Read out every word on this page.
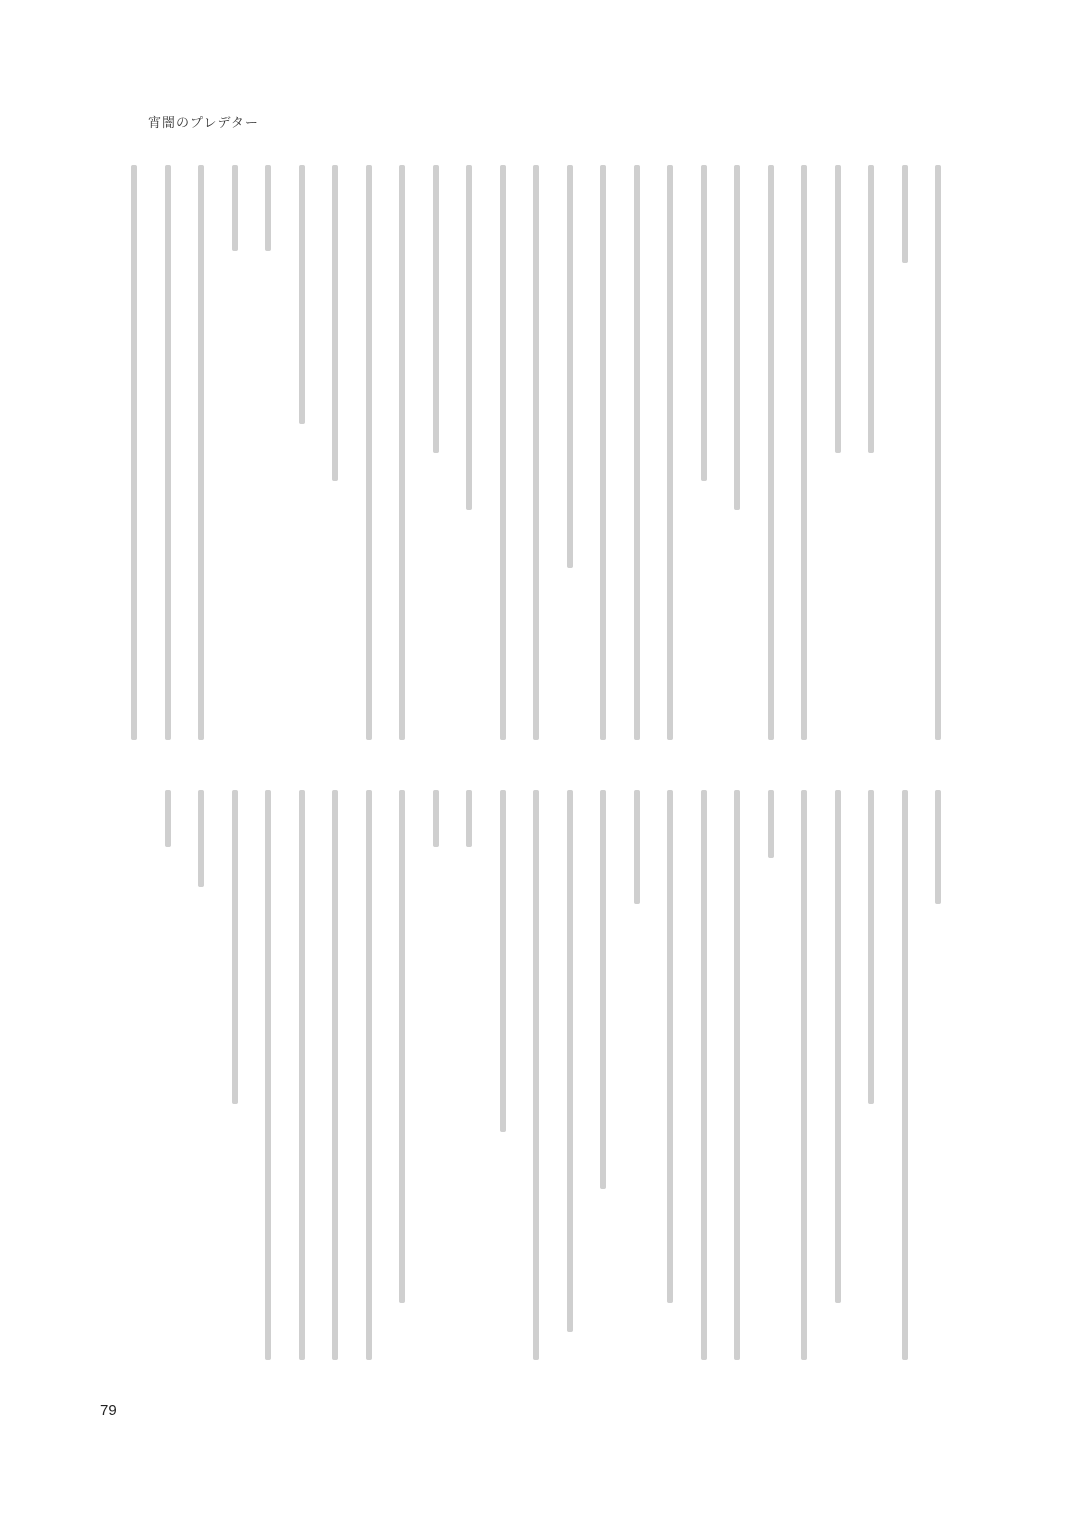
宵闇のプレデター
79
